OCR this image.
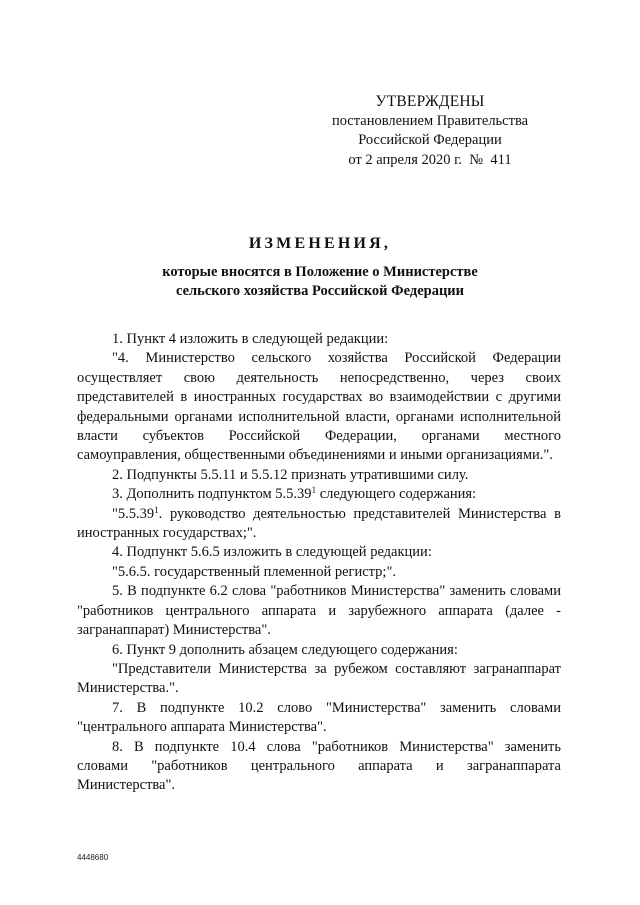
УТВЕРЖДЕНЫ
постановлением Правительства
Российской Федерации
от 2 апреля 2020 г.  №  411
ИЗМЕНЕНИЯ,
которые вносятся в Положение о Министерстве сельского хозяйства Российской Федерации

1. Пункт 4 изложить в следующей редакции:

"4. Министерство сельского хозяйства Российской Федерации осуществляет свою деятельность непосредственно, через своих представителей в иностранных государствах во взаимодействии с другими федеральными органами исполнительной власти, органами исполнительной власти субъектов Российской Федерации, органами местного самоуправления, общественными объединениями и иными организациями.".

2. Подпункты 5.5.11 и 5.5.12 признать утратившими силу.

3. Дополнить подпунктом 5.5.39$^1$ следующего содержания:

"5.5.39$^1$. руководство деятельностью представителей Министерства в иностранных государствах;".

4. Подпункт 5.6.5 изложить в следующей редакции:

"5.6.5. государственный племенной регистр;".

5. В подпункте 6.2 слова "работников Министерства" заменить словами "работников центрального аппарата и зарубежного аппарата (далее - загранаппарат) Министерства".

6. Пункт 9 дополнить абзацем следующего содержания:

"Представители Министерства за рубежом составляют загранаппарат Министерства.".

7. В подпункте 10.2 слово "Министерства" заменить словами "центрального аппарата Министерства".

8. В подпункте 10.4 слова "работников Министерства" заменить словами "работников центрального аппарата и загранаппарата Министерства".

4448680
